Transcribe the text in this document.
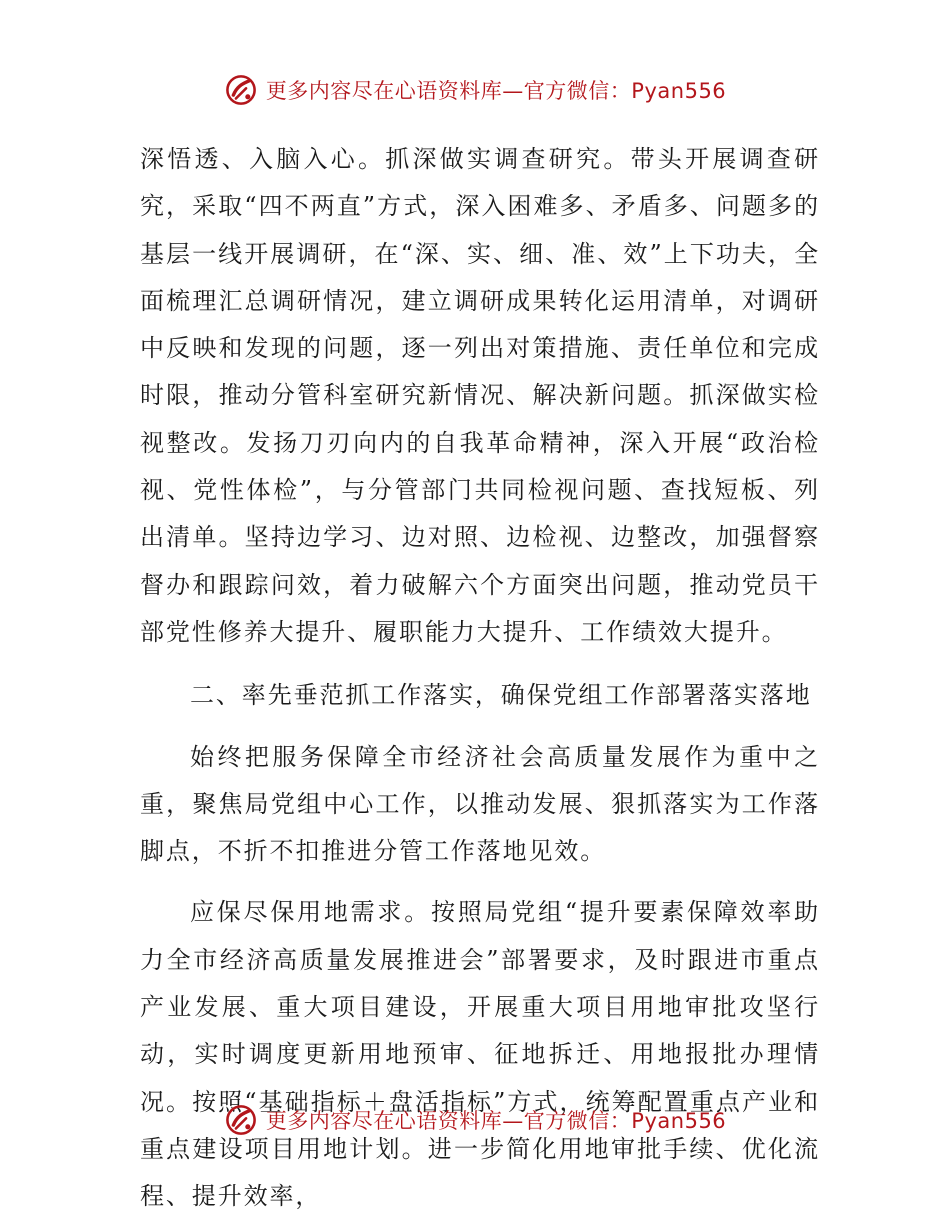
更多内容尽在心语资料库—官方微信：Pyan556

深悟透、入脑入心。抓深做实调查研究。带头开展调查研究，采取“四不两直”方式，深入困难多、矛盾多、问题多的基层一线开展调研，在“深、实、细、准、效”上下功夫，全面梳理汇总调研情况，建立调研成果转化运用清单，对调研中反映和发现的问题，逐一列出对策措施、责任单位和完成时限，推动分管科室研究新情况、解决新问题。抓深做实检视整改。发扬刀刃向内的自我革命精神，深入开展“政治检视、党性体检”，与分管部门共同检视问题、查找短板、列出清单。坚持边学习、边对照、边检视、边整改，加强督察督办和跟踪问效，着力破解六个方面突出问题，推动党员干部党性修养大提升、履职能力大提升、工作绩效大提升。

二、率先垂范抓工作落实，确保党组工作部署落实落地

始终把服务保障全市经济社会高质量发展作为重中之重，聚焦局党组中心工作，以推动发展、狠抓落实为工作落脚点，不折不扣推进分管工作落地见效。

应保尽保用地需求。按照局党组“提升要素保障效率助力全市经济高质量发展推进会”部署要求，及时跟进市重点产业发展、重大项目建设，开展重大项目用地审批攻坚行动，实时调度更新用地预审、征地拆迁、用地报批办理情况。按照“基础指标＋盘活指标”方式，统筹配置重点产业和重点建设项目用地计划。进一步简化用地审批手续、优化流程、提升效率，

更多内容尽在心语资料库—官方微信：Pyan556
